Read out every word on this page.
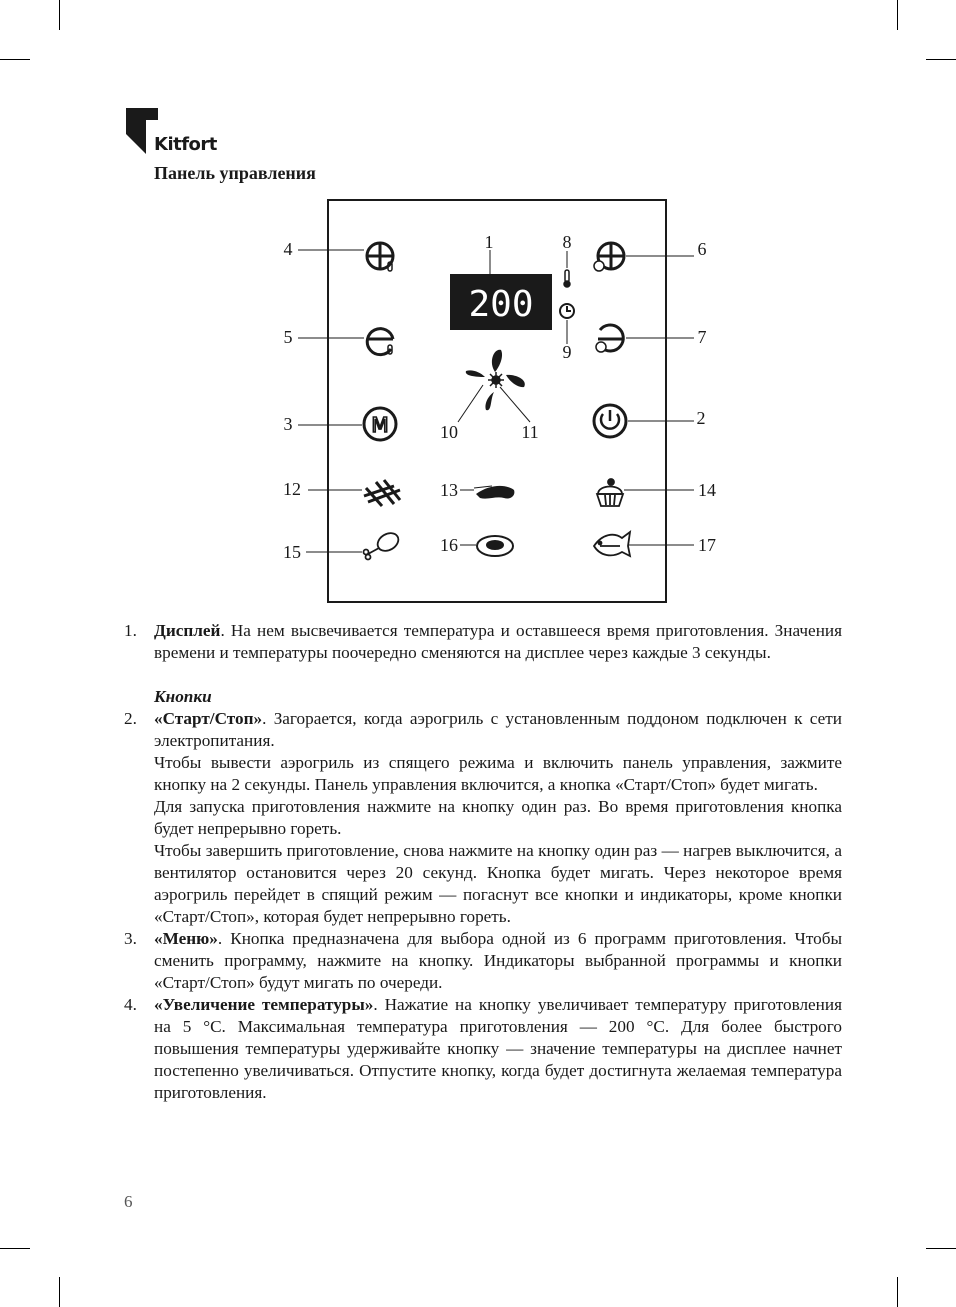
Kitfort
Панель управления
200
1
2
3
4
5
6
7
8
9
10	11
12	13	14
15	16	17
M
1. Дисплей. На нем высвечивается температура и оставшееся время приготовления. Значения времени и температуры поочередно сменяются на дисплее через каждые 3 секунды.

Кнопки
2. «Старт/Стоп». Загорается, когда аэрогриль с установленным поддоном подключен к сети электропитания.

Чтобы вывести аэрогриль из спящего режима и включить панель управления, зажмите кнопку на 2 секунды. Панель управления включится, а кнопка «Старт/Стоп» будет мигать.

Для запуска приготовления нажмите на кнопку один раз. Во время приготовления кнопка будет непрерывно гореть.

Чтобы завершить приготовление, снова нажмите на кнопку один раз — нагрев выключится, а вентилятор остановится через 20 секунд. Кнопка будет мигать. Через некоторое время аэрогриль перейдет в спящий режим — погаснут все кнопки и индикаторы, кроме кнопки «Старт/Стоп», которая будет непрерывно гореть.

3. «Меню». Кнопка предназначена для выбора одной из 6 программ приготовления. Чтобы сменить программу, нажмите на кнопку. Индикаторы выбранной программы и кнопки «Старт/Стоп» будут мигать по очереди.

4. «Увеличение температуры». Нажатие на кнопку увеличивает температуру приготовления на 5 °С. Максимальная температура приготовления — 200 °С. Для более быстрого повышения температуры удерживайте кнопку — значение температуры на дисплее начнет постепенно увеличиваться. Отпустите кнопку, когда будет достигнута желаемая температура приготовления.

6
